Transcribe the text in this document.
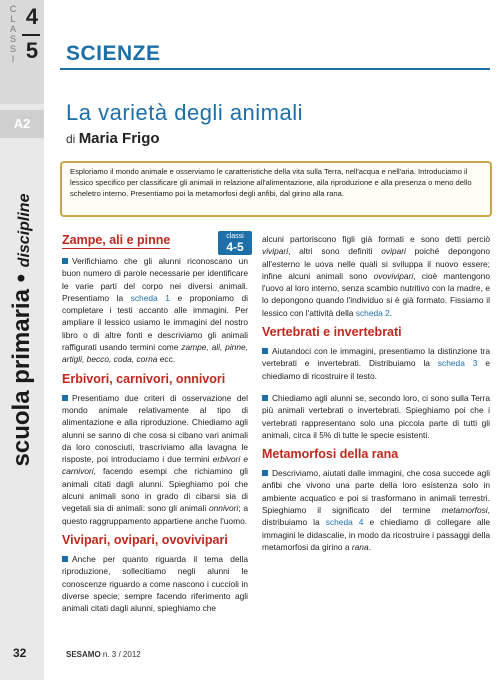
C
L
A
S
S
I
4
5
A2
scuola primaria • discipline
32
SCIENZE
La varietà degli animali
di Maria Frigo
Esploriamo il mondo animale e osserviamo le caratteristiche della vita sulla Terra, nell'acqua e nell'aria. Introduciamo il lessico specifico per classificare gli animali in relazione all'alimentazione, alla riproduzione e alla presenza o meno dello scheletro interno. Presentiamo poi la metamorfosi degli anfibi, dal girino alla rana.
classi
4-5
Zampe, ali e pinne
Verifichiamo che gli alunni riconoscano un buon numero di parole necessarie per identificare le varie parti del corpo nei diversi animali. Presentiamo la scheda 1 e proponiamo di completare i testi accanto alle immagini. Per ampliare il lessico usiamo le immagini del nostro libro o di altre fonti e descriviamo gli animali raffigurati usando termini come zampe, ali, pinne, artigli, becco, coda, corna ecc.
Erbivori, carnivori, onnivori
Presentiamo due criteri di osservazione del mondo animale relativamente al tipo di alimentazione e alla riproduzione. Chiediamo agli alunni se sanno di che cosa si cibano vari animali da loro conosciuti, trascriviamo alla lavagna le risposte, poi introduciamo i due termini erbivori e carnivori, facendo esempi che richiamino gli animali citati dagli alunni. Spieghiamo poi che alcuni animali sono in grado di cibarsi sia di vegetali sia di animali: sono gli animali onnivori; a questo raggruppamento appartiene anche l'uomo.
Vivipari, ovipari, ovovivipari
Anche per quanto riguarda il tema della riproduzione, sollecitiamo negli alunni le conoscenze riguardo a come nascono i cuccioli in diverse specie; sempre facendo riferimento agli animali citati dagli alunni, spieghiamo che
alcuni partoriscono figli già formati e sono detti perciò vivipari, altri sono definiti ovipari poiché depongono all'esterno le uova nelle quali si sviluppa il nuovo essere; infine alcuni animali sono ovovivipari, cioè mantengono l'uovo al loro interno, senza scambio nutritivo con la madre, e lo depongono quando l'individuo si è già formato. Fissiamo il lessico con l'attività della scheda 2.
Vertebrati e invertebrati
Aiutandoci con le immagini, presentiamo la distinzione tra vertebrati e invertebrati. Distribuiamo la scheda 3 e chiediamo di ricostruire il testo.
Chiediamo agli alunni se, secondo loro, ci sono sulla Terra più animali vertebrati o invertebrati. Spieghiamo poi che i vertebrati rappresentano solo una piccola parte di tutti gli animali, circa il 5% di tutte le specie esistenti.
Metamorfosi della rana
Descriviamo, aiutati dalle immagini, che cosa succede agli anfibi che vivono una parte della loro esistenza solo in ambiente acquatico e poi si trasformano in animali terrestri. Spieghiamo il significato del termine metamorfosi, distribuiamo la scheda 4 e chiediamo di collegare alle immagini le didascalie, in modo da ricostruire i passaggi della metamorfosi da girino a rana.
SESAMO n. 3 / 2012
